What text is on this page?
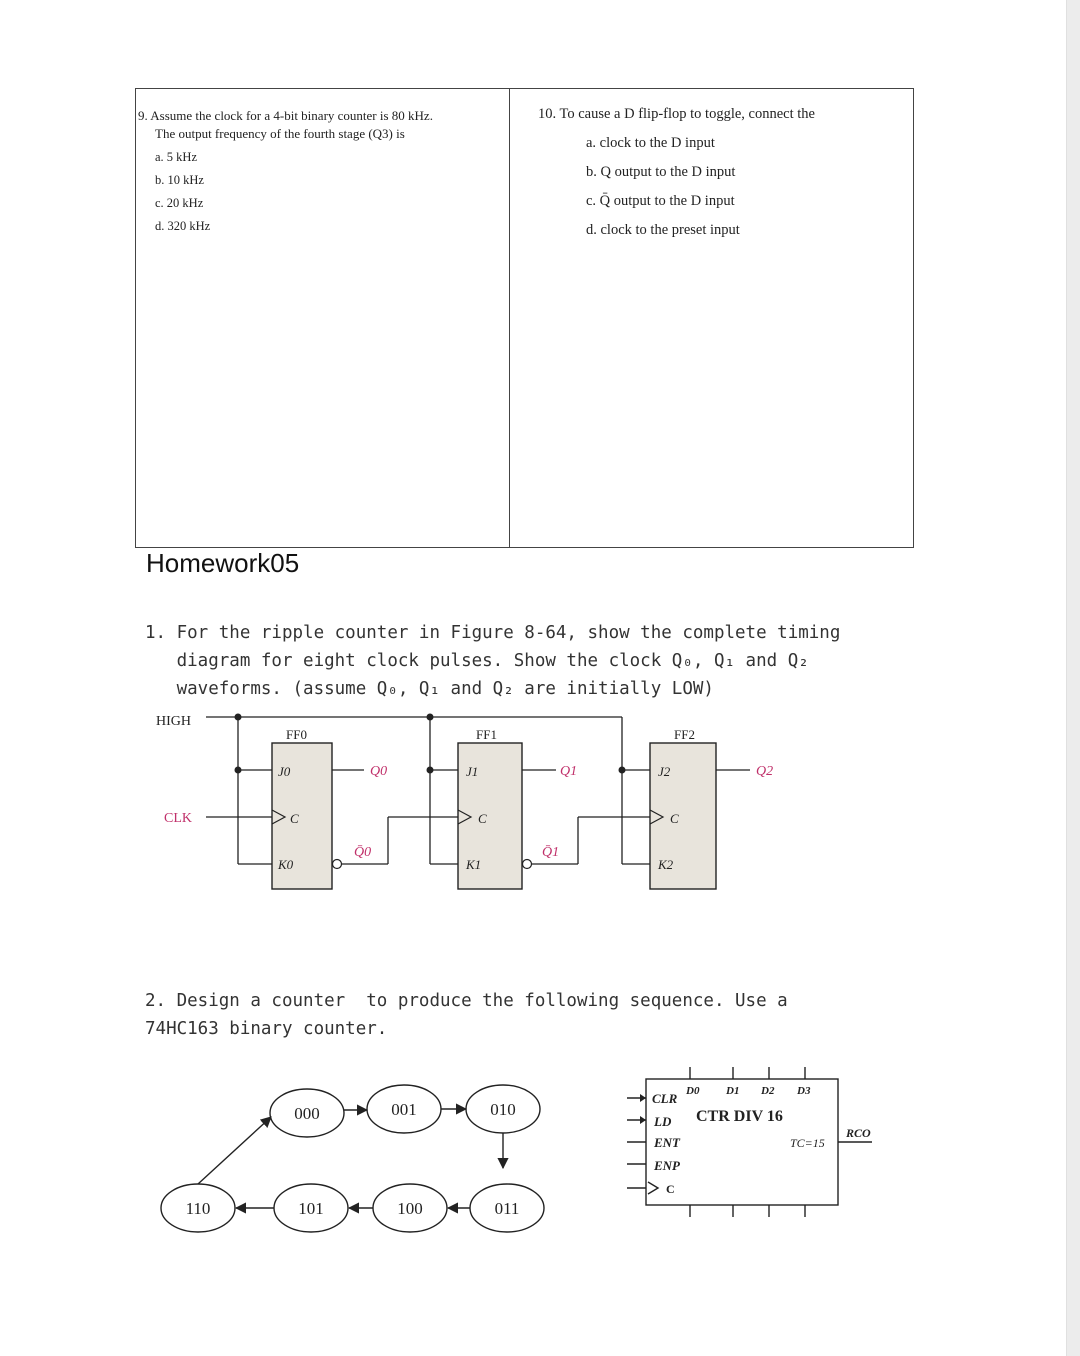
9. Assume the clock for a 4-bit binary counter is 80 kHz.
The output frequency of the fourth stage (Q3) is
a. 5 kHz
b. 10 kHz
c. 20 kHz
d. 320 kHz
10. To cause a D flip-flop to toggle, connect the
a. clock to the D input
b. Q output to the D input
c. Q̄ output to the D input
d. clock to the preset input
Homework05
1. For the ripple counter in Figure 8-64, show the complete timing
diagram for eight clock pulses. Show the clock Q₀, Q₁ and Q₂
waveforms. (assume Q₀, Q₁ and Q₂ are initially LOW)
2. Design a counter  to produce the following sequence. Use a
74HC163 binary counter.
HIGH
CLK
FF0	FF1	FF2
J0
C
K0
J1
C
K1
J2
C
K2
Q0	Q1	Q2
Q̄0	Q̄1
000	001	010
011
100
101
110
CLR
LD
ENT
ENP
RCO
D0 D1 D2 D3
C
CTR DIV 16
TC=15
